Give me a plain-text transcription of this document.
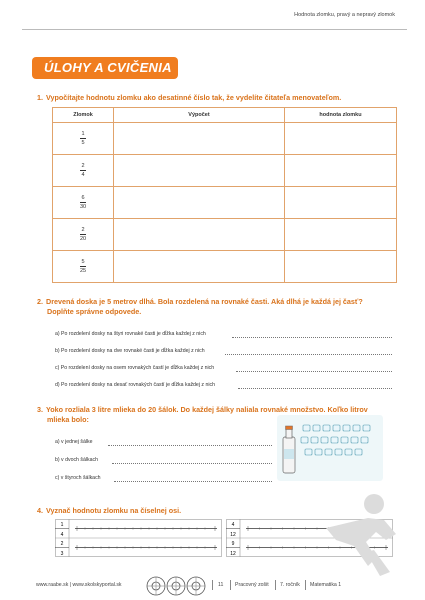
Hodnota zlomku, pravý a nepravý zlomok
ÚLOHY A CVIČENIA
1. Vypočítajte hodnotu zlomku ako desatinné číslo tak, že vydelíte čitateľa menovateľom.
Zlomok	Výpočet	hodnota zlomku

$\frac{1}{5}$

$\frac{2}{4}$

$\frac{6}{30}$

$\frac{2}{20}$

$\frac{5}{25}$

2. Drevená doska je 5 metrov dlhá. Bola rozdelená na rovnaké časti. Aká dlhá je každá jej časť?
Doplňte správne odpovede.
a) Po rozdelení dosky na štyri rovnaké časti je dĺžka každej z nich
b) Po rozdelení dosky na dve rovnaké časti je dĺžka každej z nich
c) Po rozdelení dosky na osem rovnakých častí je dĺžka každej z nich
d) Po rozdelení dosky na desať rovnakých častí je dĺžka každej z nich
3. Yoko rozliala 3 litre mlieka do 20 šálok. Do každej šálky naliala rovnaké množstvo. Koľko litrov
mlieka bolo:
a) v jednej šálke
b) v dvoch šálkach
c) v štyroch šálkach
4. Vyznač hodnotu zlomku na číselnej osi.
1
4
2
3
4
12
9
12
www.raabe.sk | www.skolskyportal.sk	11 Pracovný zošit 7. ročník Matematika 1
